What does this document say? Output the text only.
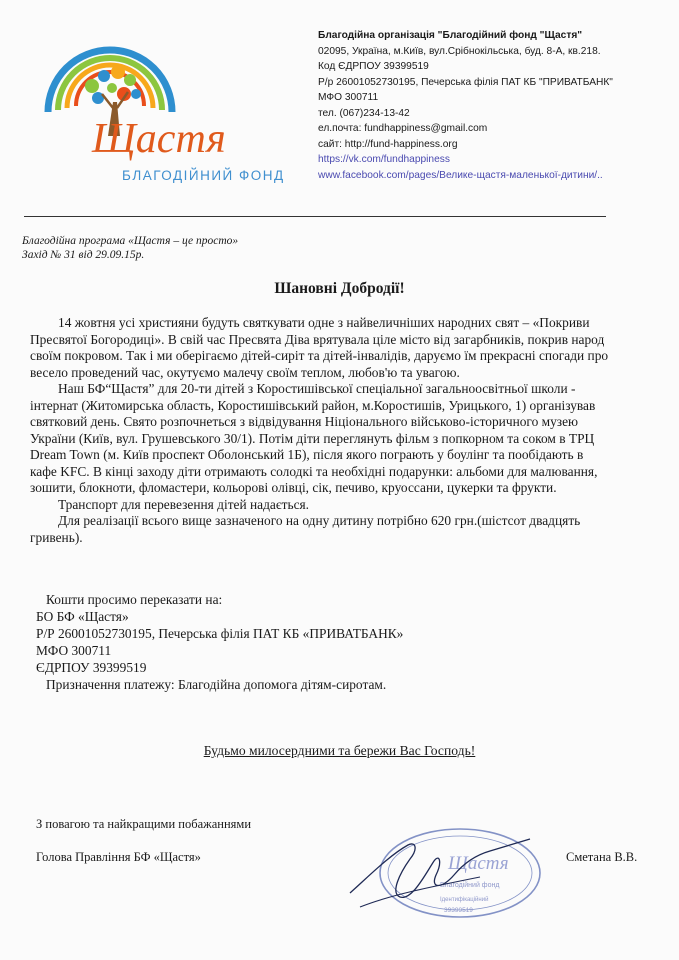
Щастя
БЛАГОДІЙНИЙ ФОНД
Благодійна організація "Благодійний фонд "Щастя"
02095, Україна, м.Київ, вул.Срібнокільська, буд. 8-А, кв.218.
Код ЄДРПОУ 39399519
Р/р 26001052730195, Печерська філія ПАТ КБ "ПРИВАТБАНК"
МФО 300711
тел. (067)234-13-42
ел.почта: fundhappiness@gmail.com
сайт: http://fund-happiness.org
https://vk.com/fundhappiness
www.facebook.com/pages/Велике-щастя-маленької-дитини/..
Благодійна програма «Щастя – це просто»
Захід № 31 від 29.09.15р.
Шановні Добродії!

14 жовтня усі християни будуть святкувати одне з найвеличніших народних свят – «Покриви Пресвятої Богородиці». В свій час Пресвята Діва врятувала ціле місто від загарбників, покрив народ своїм покровом. Так і ми оберігаємо дітей-сиріт та дітей-інвалідів, даруємо їм прекрасні спогади про весело проведений час, окутуємо малечу своїм теплом, любов'ю та увагою.

Наш БФ“Щастя” для 20-ти дітей з Коростишівської спеціальної загальноосвітньої школи - інтернат (Житомирська область, Коростишівський район, м.Коростишів, Урицького, 1) організував святковий день. Свято розпочнеться з відвідування Ніціонального військово-історичного музею України (Київ, вул. Грушевського 30/1). Потім діти переглянуть фільм з попкорном та соком в ТРЦ Dream Town (м. Київ проспект Оболонський 1Б), після якого пограють у боулінг та пообідають в кафе KFC. В кінці заходу діти отримають солодкі та необхідні подарунки: альбоми для малювання, зошити, блокноти, фломастери, кольорові олівці, сік, печиво, круоссани, цукерки та фрукти.

Транспорт для перевезення дітей надається.

Для реалізації всього вище зазначеного на одну дитину потрібно 620 грн.(шістсот двадцять гривень).

Кошти просимо переказати на:
БО БФ «Щастя»
Р/Р 26001052730195, Печерська філія ПАТ КБ «ПРИВАТБАНК»
МФО 300711
ЄДРПОУ 39399519
Призначення платежу: Благодійна допомога дітям-сиротам.
Будьмо милосердними та бережи Вас Господь!
З повагою та найкращими побажаннями
Голова Правління БФ «Щастя»	Сметана В.В.
Щастя
Благодійний фонд
Ідентифікаційний
39399519
